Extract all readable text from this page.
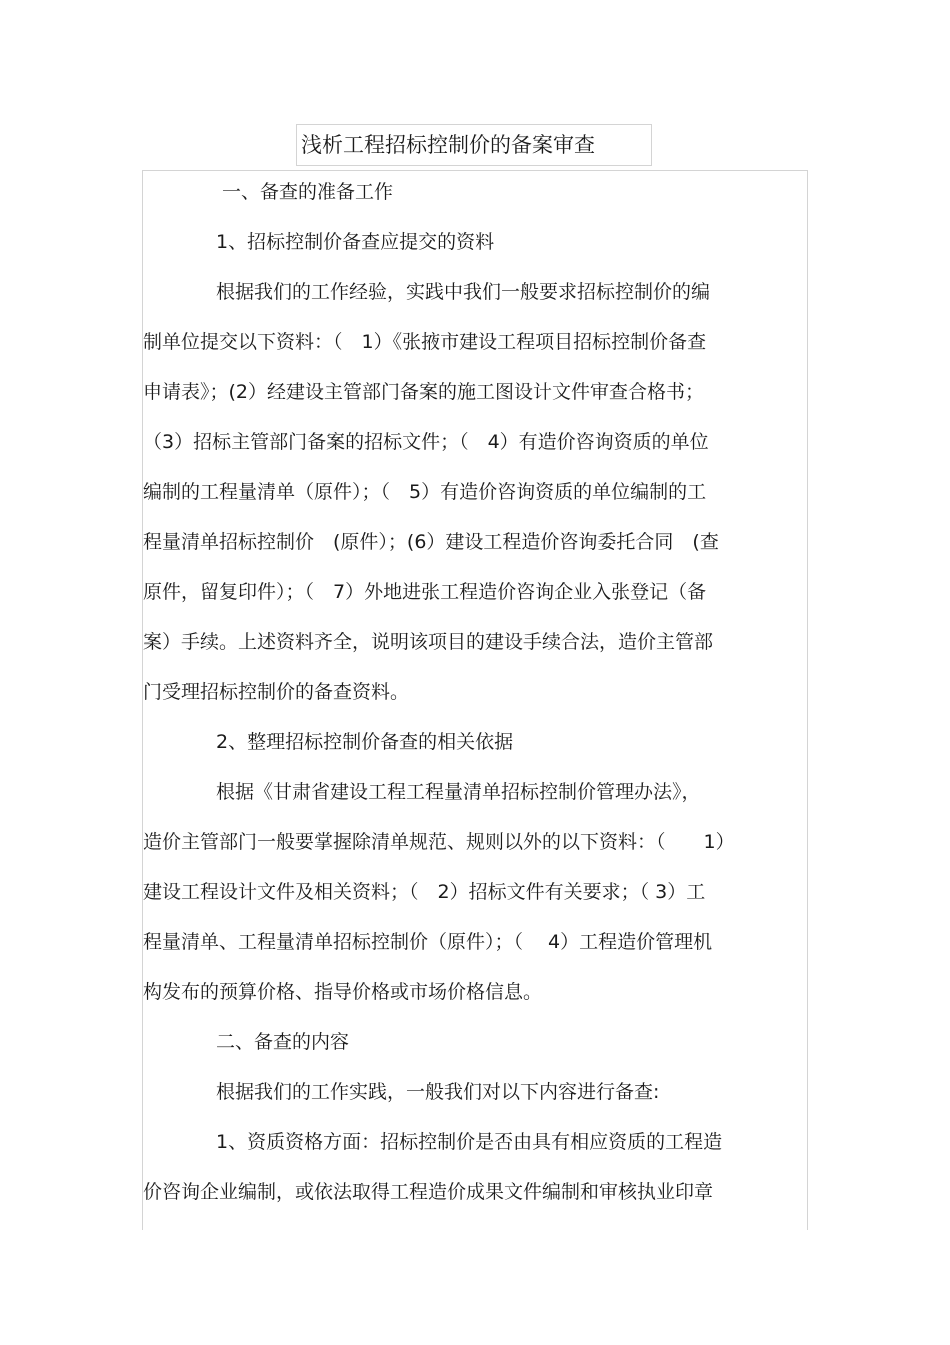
浅析工程招标控制价的备案审查

一、备查的准备工作

1、招标控制价备查应提交的资料

根据我们的工作经验，实践中我们一般要求招标控制价的编

制单位提交以下资料：（　1）《张掖市建设工程项目招标控制价备查

申请表》；(2）经建设主管部门备案的施工图设计文件审查合格书；

（3）招标主管部门备案的招标文件；（　4）有造价咨询资质的单位

编制的工程量清单（原件）；（　5）有造价咨询资质的单位编制的工

程量清单招标控制价　(原件）；(6）建设工程造价咨询委托合同　(查

原件，留复印件）；（　7）外地进张工程造价咨询企业入张登记（备

案）手续。上述资料齐全，说明该项目的建设手续合法，造价主管部

门受理招标控制价的备查资料。

2、整理招标控制价备查的相关依据

根据《甘肃省建设工程工程量清单招标控制价管理办法》，

造价主管部门一般要掌握除清单规范、规则以外的以下资料：（　　1）

建设工程设计文件及相关资料；（　2）招标文件有关要求；（ 3）工

程量清单、工程量清单招标控制价（原件）；（　 4）工程造价管理机

构发布的预算价格、指导价格或市场价格信息。

二、备查的内容

根据我们的工作实践，一般我们对以下内容进行备查:

1、资质资格方面：招标控制价是否由具有相应资质的工程造

价咨询企业编制，或依法取得工程造价成果文件编制和审核执业印章
